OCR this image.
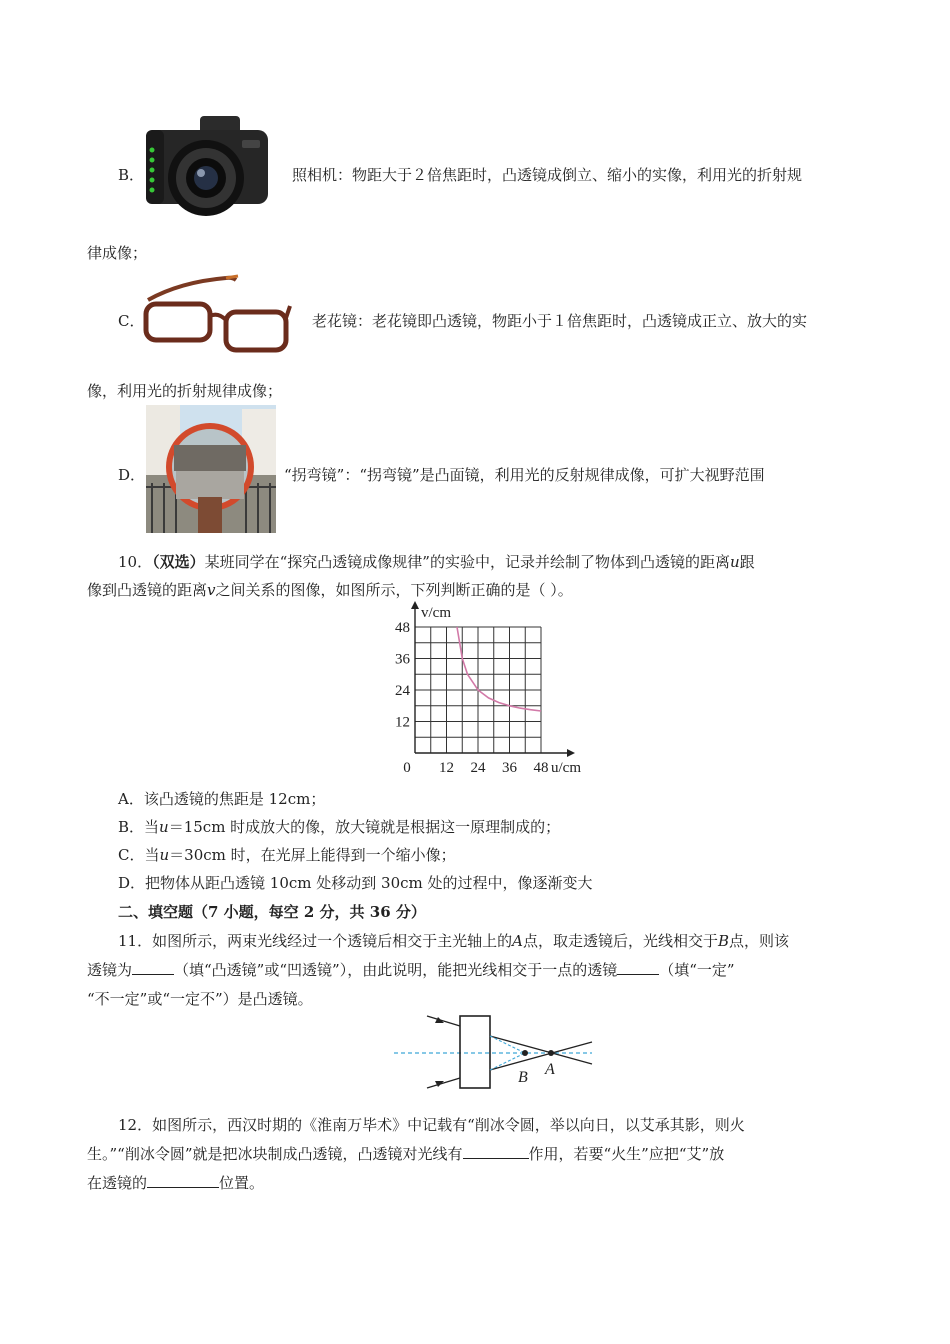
B．	照相机：物距大于２倍焦距时，凸透镜成倒立、缩小的实像，利用光的折射规
律成像；
C．	老花镜：老花镜即凸透镜，物距小于１倍焦距时，凸透镜成正立、放大的实
像，利用光的折射规律成像；
D．	“拐弯镜”：“拐弯镜”是凸面镜，利用光的反射规律成像，可扩大视野范围
10．（双选）某班同学在“探究凸透镜成像规律”的实验中，记录并绘制了物体到凸透镜的距离u跟
像到凸透镜的距离v之间关系的图像，如图所示，下列判断正确的是（ ）。
0 12 24 36 48
12
24
36
48
u/cm
v/cm
A．该凸透镜的焦距是 12cm；
B．当u＝15cm 时成放大的像，放大镜就是根据这一原理制成的；
C．当u＝30cm 时，在光屏上能得到一个缩小像；
D．把物体从距凸透镜 10cm 处移动到 30cm 处的过程中，像逐渐变大
二、填空题（7 小题，每空 2 分，共 36 分）
11．如图所示，两束光线经过一个透镜后相交于主光轴上的A点，取走透镜后，光线相交于B点，则该
透镜为	（填“凸透镜”或“凹透镜”），由此说明，能把光线相交于一点的透镜	（填“一定”
“不一定”或“一定不”）是凸透镜。
B A
12．如图所示，西汉时期的《淮南万毕术》中记载有“削冰令圆，举以向日，以艾承其影，则火
生。”“削冰令圆”就是把冰块制成凸透镜，凸透镜对光线有	作用，若要“火生”应把“艾”放
在透镜的	位置。
